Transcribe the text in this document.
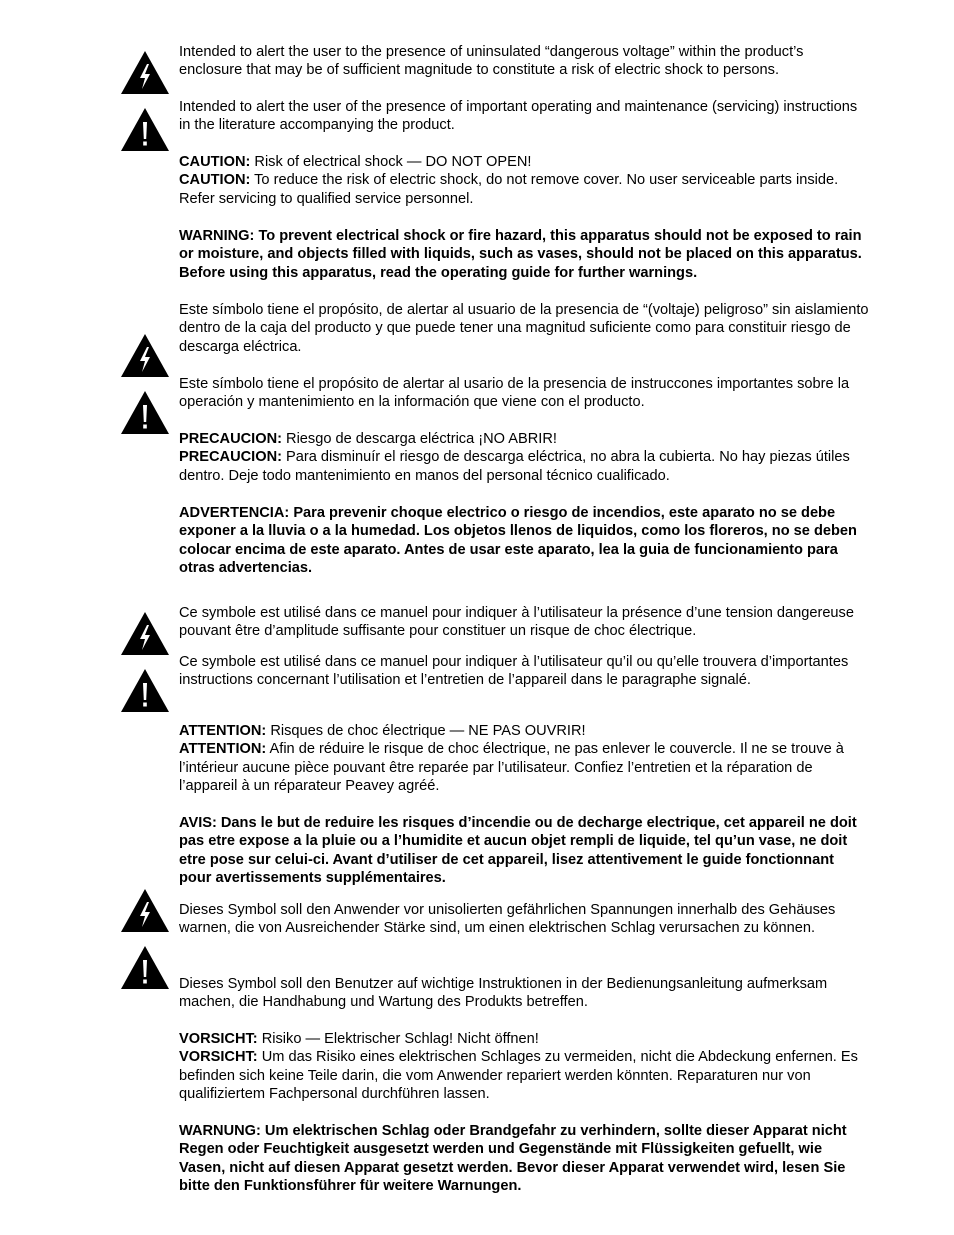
Intended to alert the user to the presence of uninsulated “dangerous voltage” within the product’s enclosure that may be of sufficient magnitude to constitute a risk of electric shock to persons.

Intended to alert the user of the presence of important operating and maintenance (servicing) instructions in the literature accompanying the product.

CAUTION: Risk of electrical shock — DO NOT OPEN!
CAUTION: To reduce the risk of electric shock, do not remove cover. No user serviceable parts inside. Refer servicing to qualified service personnel.

WARNING: To prevent electrical shock or fire hazard, this apparatus should not be exposed to rain or moisture, and objects filled with liquids, such as vases, should not be placed on this apparatus. Before using this apparatus, read the operating guide for further warnings.

Este símbolo tiene el propósito, de alertar al usuario de la presencia de “(voltaje) peligroso” sin aislamiento dentro de la caja del producto y que puede tener una magnitud suficiente como para constituir riesgo de descarga eléctrica.

Este símbolo tiene el propósito de alertar al usario de la presencia de instruccones importantes sobre la operación y mantenimiento en la información que viene con el producto.

PRECAUCION: Riesgo de descarga eléctrica ¡NO ABRIR!
PRECAUCION: Para disminuír el riesgo de descarga eléctrica, no abra la cubierta. No hay piezas útiles dentro. Deje todo mantenimiento en manos del personal técnico cualificado.

ADVERTENCIA: Para prevenir choque electrico o riesgo de incendios, este aparato no se debe exponer a la lluvia o a la humedad. Los objetos llenos de liquidos, como los floreros, no se deben colocar encima de este aparato. Antes de usar este aparato, lea la guia de funcionamiento para otras advertencias.

Ce symbole est utilisé dans ce manuel pour indiquer à l’utilisateur la présence d’une tension dangereuse pouvant être d’amplitude suffisante pour constituer un risque de choc électrique.

Ce symbole est utilisé dans ce manuel pour indiquer à l’utilisateur qu’il ou qu’elle trouvera d’importantes instructions concernant l’utilisation et l’entretien de l’appareil dans le paragraphe signalé.

ATTENTION: Risques de choc électrique — NE PAS OUVRIR!
ATTENTION: Afin de réduire le risque de choc électrique, ne pas enlever le couvercle. Il ne se trouve à l’intérieur aucune pièce pouvant être reparée par l’utilisateur. Confiez l’entretien et la réparation de l’appareil à un réparateur Peavey agréé.

AVIS: Dans le but de reduire les risques d’incendie ou de decharge electrique, cet appareil ne doit pas etre expose a la pluie ou a l’humidite et aucun objet rempli de liquide, tel qu’un vase, ne doit etre pose sur celui-ci. Avant d’utiliser de cet appareil, lisez attentivement le guide fonctionnant pour avertissements supplémentaires.

Dieses Symbol soll den Anwender vor unisolierten gefährlichen Spannungen innerhalb des Gehäuses warnen, die von Ausreichender Stärke sind, um einen elektrischen Schlag verursachen zu können.

Dieses Symbol soll den Benutzer auf wichtige Instruktionen in der Bedienungsanleitung aufmerksam machen, die Handhabung und Wartung des Produkts betreffen.

VORSICHT: Risiko — Elektrischer Schlag! Nicht öffnen!
VORSICHT: Um das Risiko eines elektrischen Schlages zu vermeiden, nicht die Abdeckung enfernen. Es befinden sich keine Teile darin, die vom Anwender repariert werden könnten. Reparaturen nur von qualifiziertem Fachpersonal durchführen lassen.

WARNUNG: Um elektrischen Schlag oder Brandgefahr zu verhindern, sollte dieser Apparat nicht Regen oder Feuchtigkeit ausgesetzt werden und Gegenstände mit Flüssigkeiten gefuellt, wie Vasen, nicht auf diesen Apparat gesetzt werden. Bevor dieser Apparat verwendet wird, lesen Sie bitte den Funktionsführer für weitere Warnungen.
